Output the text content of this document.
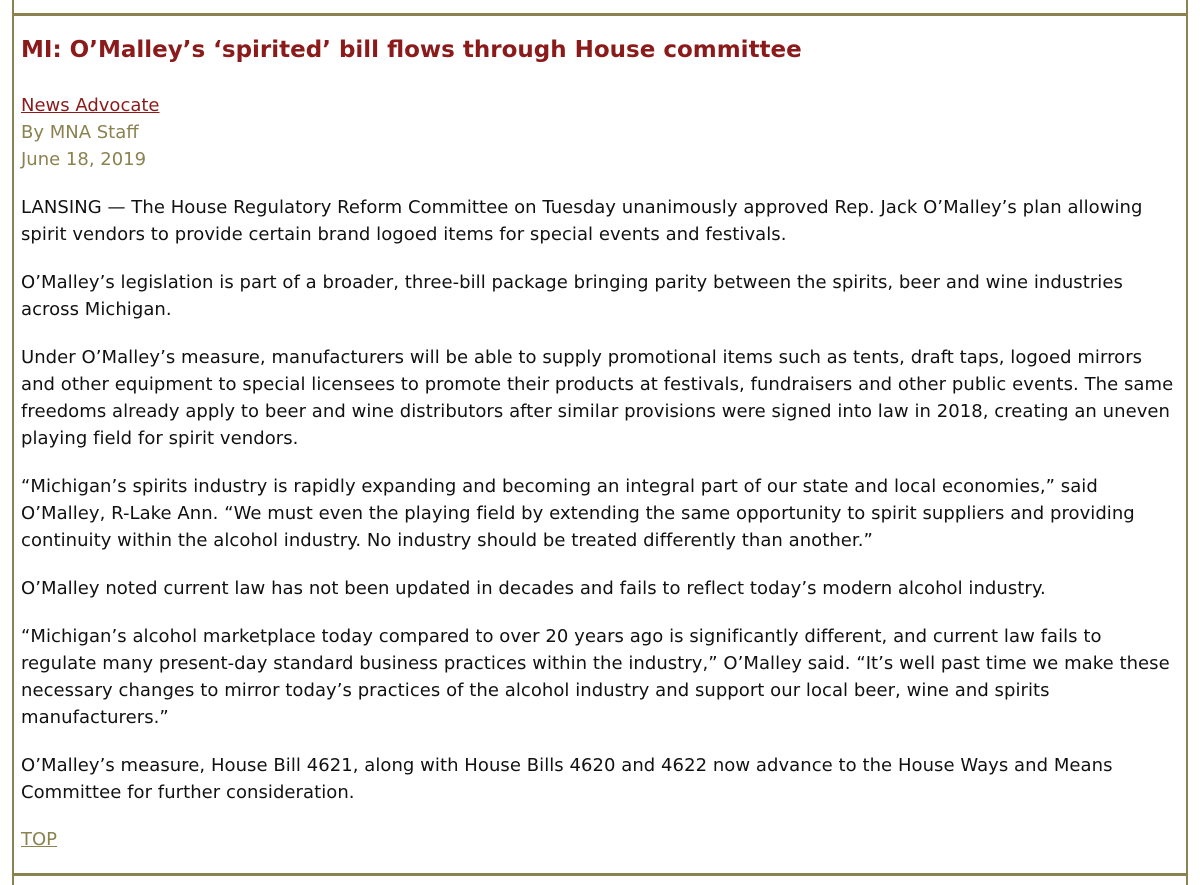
MI: O’Malley’s ‘spirited’ bill flows through House committee
News Advocate
By MNA Staff
June 18, 2019

LANSING — The House Regulatory Reform Committee on Tuesday unanimously approved Rep. Jack O’Malley’s plan allowing spirit vendors to provide certain brand logoed items for special events and festivals.

O’Malley’s legislation is part of a broader, three-bill package bringing parity between the spirits, beer and wine industries across Michigan.

Under O’Malley’s measure, manufacturers will be able to supply promotional items such as tents, draft taps, logoed mirrors and other equipment to special licensees to promote their products at festivals, fundraisers and other public events. The same freedoms already apply to beer and wine distributors after similar provisions were signed into law in 2018, creating an uneven playing field for spirit vendors.

“Michigan’s spirits industry is rapidly expanding and becoming an integral part of our state and local economies,” said O’Malley, R-Lake Ann. “We must even the playing field by extending the same opportunity to spirit suppliers and providing continuity within the alcohol industry. No industry should be treated differently than another.”

O’Malley noted current law has not been updated in decades and fails to reflect today’s modern alcohol industry.

“Michigan’s alcohol marketplace today compared to over 20 years ago is significantly different, and current law fails to regulate many present-day standard business practices within the industry,” O’Malley said. “It’s well past time we make these necessary changes to mirror today’s practices of the alcohol industry and support our local beer, wine and spirits manufacturers.”

O’Malley’s measure, House Bill 4621, along with House Bills 4620 and 4622 now advance to the House Ways and Means Committee for further consideration.

TOP
